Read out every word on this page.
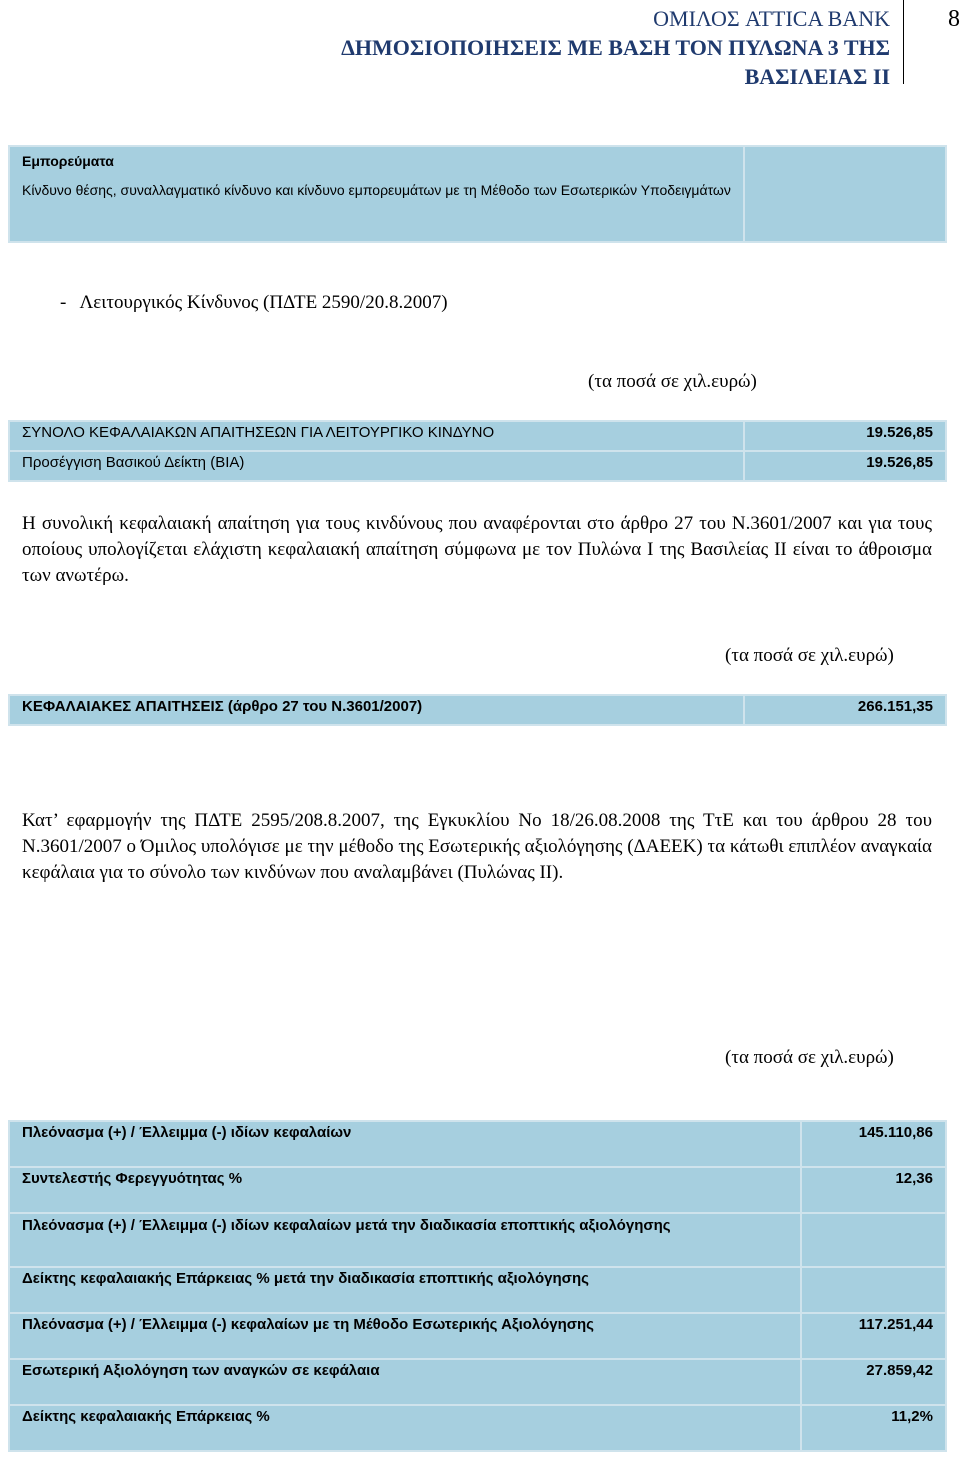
ΟΜΙΛΟΣ ATTICA BANK
ΔΗΜΟΣΙΟΠΟΙΗΣΕΙΣ ΜΕ ΒΑΣΗ ΤΟΝ ΠΥΛΩΝΑ 3 ΤΗΣ
ΒΑΣΙΛΕΙΑΣ ΙΙ
8
Εμπορεύματα
Κίνδυνο θέσης, συναλλαγματικό κίνδυνο και κίνδυνο εμπορευμάτων με τη Μέθοδο των Εσωτερικών Υποδειγμάτων

-   Λειτουργικός Κίνδυνος (ΠΔΤΕ 2590/20.8.2007)
(τα ποσά σε χιλ.ευρώ)
ΣΥΝΟΛΟ ΚΕΦΑΛΑΙΑΚΩΝ ΑΠΑΙΤΗΣΕΩΝ ΓΙΑ ΛΕΙΤΟΥΡΓΙΚΟ ΚΙΝΔΥΝΟ	19.526,85
Προσέγγιση Βασικού Δείκτη (ΒΙΑ)	19.526,85
Η συνολική κεφαλαιακή απαίτηση για τους κινδύνους που αναφέρονται στο άρθρο 27 του Ν.3601/2007 και για τους οποίους υπολογίζεται ελάχιστη κεφαλαιακή απαίτηση σύμφωνα με τον Πυλώνα Ι της Βασιλείας ΙΙ είναι το άθροισμα των ανωτέρω.
(τα ποσά σε χιλ.ευρώ)
ΚΕΦΑΛΑΙΑΚΕΣ ΑΠΑΙΤΗΣΕΙΣ (άρθρο 27 του Ν.3601/2007)	266.151,35
Κατ’ εφαρμογήν της ΠΔΤΕ 2595/208.8.2007, της Εγκυκλίου Νο 18/26.08.2008 της ΤτΕ και του άρθρου 28 του Ν.3601/2007 ο Όμιλος υπολόγισε με την μέθοδο της Εσωτερικής αξιολόγησης (ΔΑΕΕΚ) τα κάτωθι επιπλέον αναγκαία κεφάλαια για το σύνολο των κινδύνων που αναλαμβάνει (Πυλώνας ΙΙ).
(τα ποσά σε χιλ.ευρώ)
Πλεόνασμα (+) / Έλλειμμα (-) ιδίων κεφαλαίων	145.110,86
Συντελεστής Φερεγγυότητας %	12,36
Πλεόνασμα (+) / Έλλειμμα (-) ιδίων κεφαλαίων μετά την διαδικασία εποπτικής αξιολόγησης	
Δείκτης κεφαλαιακής Επάρκειας % μετά την διαδικασία εποπτικής αξιολόγησης	
Πλεόνασμα (+) / Έλλειμμα (-) κεφαλαίων με τη Μέθοδο Εσωτερικής Αξιολόγησης	117.251,44
Εσωτερική Αξιολόγηση των αναγκών σε κεφάλαια	27.859,42
Δείκτης κεφαλαιακής Επάρκειας %	11,2%
